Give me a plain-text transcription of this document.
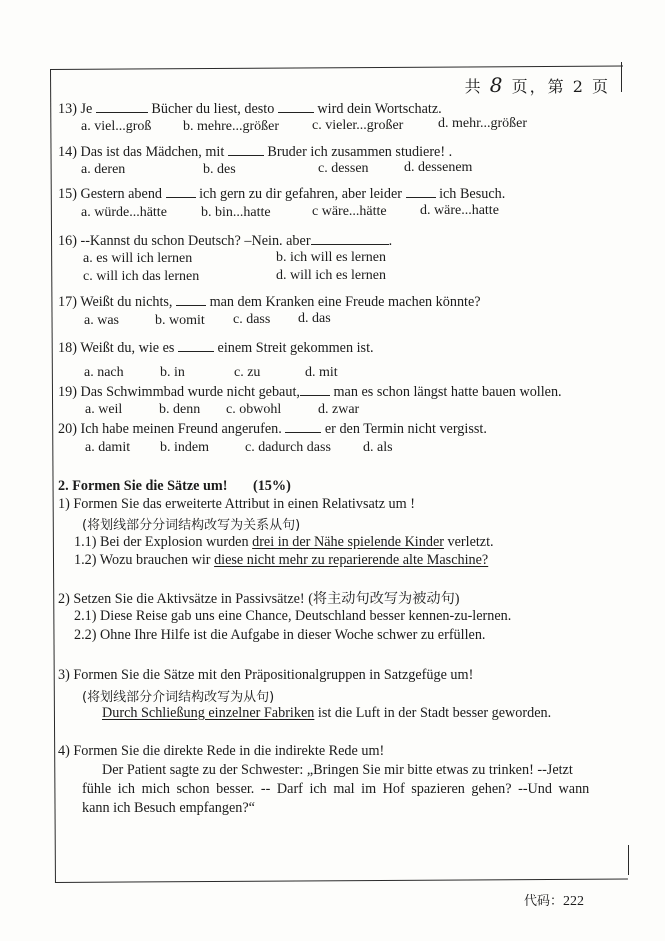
共 8 页，第 2 页
13) Je	Bücher du liest, desto	wird dein Wortschatz.
a. viel...groß b. mehre...größer c. vieler...großer d. mehr...größer
14) Das ist das Mädchen, mit	Bruder ich zusammen studiere! .
a. deren	b. des	c. dessen	d. dessenem
15) Gestern abend	ich gern zu dir gefahren, aber leider	ich Besuch.
a. würde...hätte b. bin...hatte	c wäre...hätte d. wäre...hatte
16) --Kannst du schon Deutsch? –Nein. aber	.
a. es will ich lernen	b. ich will es lernen
c. will ich das lernen	d. will ich es lernen
17) Weißt du nichts,	man dem Kranken eine Freude machen könnte?
a. was	b. womit c. dass d. das
18) Weißt du, wie es	einem Streit gekommen ist.
a. nach	b. in	c. zu	d. mit
19) Das Schwimmbad wurde nicht gebaut, man es schon längst hatte bauen wollen.
a. weil	b. denn c. obwohl	d. zwar
20) Ich habe meinen Freund angerufen.	er den Termin nicht vergisst.
a. damit b. indem	c. dadurch dass d. als
2. Formen Sie die Sätze um! (15%)
1) Formen Sie das erweiterte Attribut in einen Relativsatz um !
(将划线部分分词结构改写为关系从句)
1.1) Bei der Explosion wurden drei in der Nähe spielende Kinder verletzt.
1.2) Wozu brauchen wir diese nicht mehr zu reparierende alte Maschine?
2) Setzen Sie die Aktivsätze in Passivsätze! (将主动句改写为被动句)
2.1) Diese Reise gab uns eine Chance, Deutschland besser kennen-zu-lernen.
2.2) Ohne Ihre Hilfe ist die Aufgabe in dieser Woche schwer zu erfüllen.
3) Formen Sie die Sätze mit den Präpositionalgruppen in Satzgefüge um!
(将划线部分介词结构改写为从句)
Durch Schließung einzelner Fabriken ist die Luft in der Stadt besser geworden.
4) Formen Sie die direkte Rede in die indirekte Rede um!
Der Patient sagte zu der Schwester: „Bringen Sie mir bitte etwas zu trinken! --Jetzt
fühle ich mich schon besser. -- Darf ich mal im Hof spazieren gehen? --Und wann
kann ich Besuch empfangen?“
代码：222
